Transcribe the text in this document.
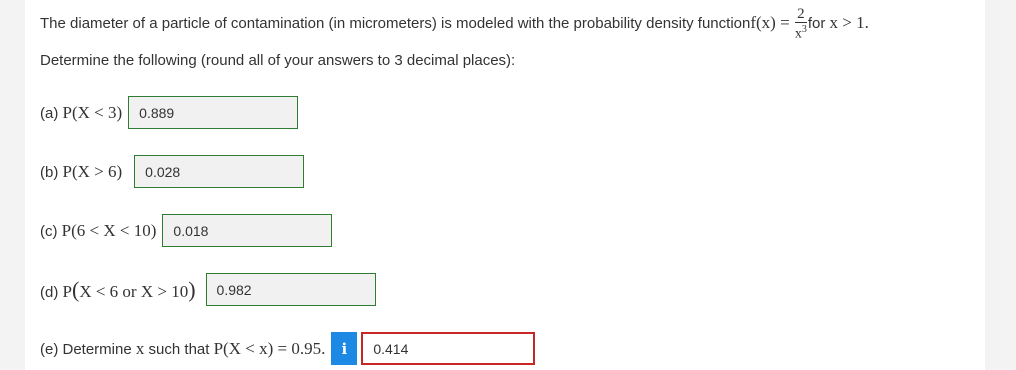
The diameter of a particle of contamination (in micrometers) is modeled with the probability density functionf(x) = $\frac{2}{x^3}$ for x > 1.
Determine the following (round all of your answers to 3 decimal places):
(a) P(X < 3)
0.889
(b) P(X > 6)
0.028
(c) P(6 < X < 10)
0.018
(d) P(X < 6 or X > 10)
0.982
(e) Determine x such that P(X < x) = 0.95.	i
0.414
